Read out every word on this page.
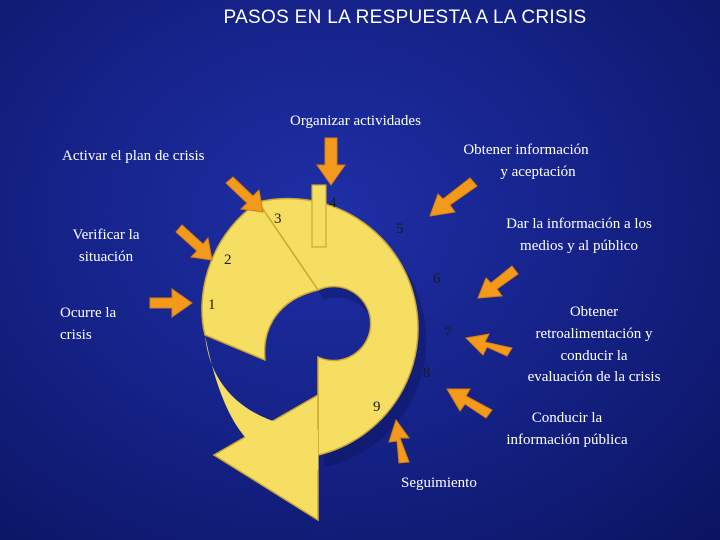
PASOS EN LA RESPUESTA A LA CRISIS
Organizar actividades
Activar el plan de crisis	Obtener información
y aceptación
Verificar la
situación
Dar la información a los
medios y al público
Ocurre la
crisis
Obtener
retroalimentación y
conducir la
evaluación de la crisis
Conducir la
información pública
Seguimiento
1
2
3
4
5
6
7
8
9
